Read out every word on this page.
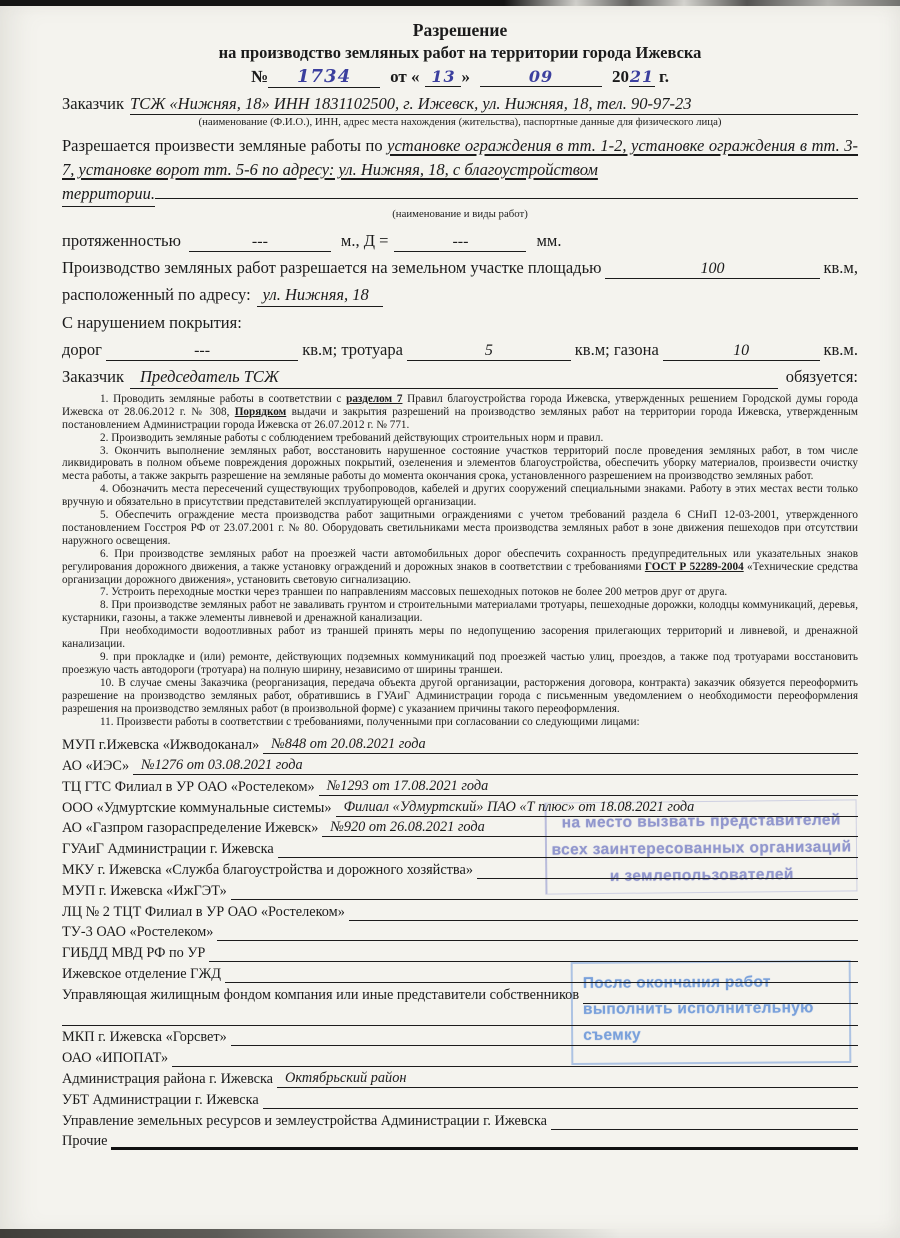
на место вызвать представителей
всех заинтересованных организаций
и землепользователей
После окончания работ
выполнить исполнительную
съемку
Разрешение
на производство земляных работ на территории города Ижевска
№	1734	от « 13 »	09	20 21 г.
Заказчик ТСЖ «Нижняя, 18» ИНН 1831102500, г. Ижевск, ул. Нижняя, 18, тел. 90-97-23
(наименование (Ф.И.О.), ИНН, адрес места нахождения (жительства), паспортные данные для физического лица)
Разрешается произвести земляные работы по установке ограждения в тт. 1-2, установке ограждения в тт. 3-7, установке ворот тт. 5-6 по адресу: ул. Нижняя, 18, с благоустройством
территории.
(наименование и виды работ)
протяженностью	---	м., Д =	---	мм.
Производство земляных работ разрешается на земельном участке площадью	100	кв.м,
расположенный по адресу: ул. Нижняя, 18
С нарушением покрытия:
дорог	---	кв.м; тротуара	5	кв.м; газона	10	кв.м.
Заказчик Председатель ТСЖ	обязуется:

1. Проводить земляные работы в соответствии с разделом 7 Правил благоустройства города Ижевска, утвержденных решением Городской думы города Ижевска от 28.06.2012 г. № 308, Порядком выдачи и закрытия разрешений на производство земляных работ на территории города Ижевска, утвержденным постановлением Администрации города Ижевска от 26.07.2012 г. № 771.

2. Производить земляные работы с соблюдением требований действующих строительных норм и правил.

3. Окончить выполнение земляных работ, восстановить нарушенное состояние участков территорий после проведения земляных работ, в том числе ликвидировать в полном объеме повреждения дорожных покрытий, озеленения и элементов благоустройства, обеспечить уборку материалов, произвести очистку места работы, а также закрыть разрешение на земляные работы до момента окончания срока, установленного разрешением на производство земляных работ.

4. Обозначить места пересечений существующих трубопроводов, кабелей и других сооружений специальными знаками. Работу в этих местах вести только вручную и обязательно в присутствии представителей эксплуатирующей организации.

5. Обеспечить ограждение места производства работ защитными ограждениями с учетом требований раздела 6 СНиП 12-03-2001, утвержденного постановлением Госстроя РФ от 23.07.2001 г. № 80. Оборудовать светильниками места производства земляных работ в зоне движения пешеходов при отсутствии наружного освещения.

6. При производстве земляных работ на проезжей части автомобильных дорог обеспечить сохранность предупредительных или указательных знаков регулирования дорожного движения, а также установку ограждений и дорожных знаков в соответствии с требованиями ГОСТ Р 52289-2004 «Технические средства организации дорожного движения», установить световую сигнализацию.

7. Устроить переходные мостки через траншеи по направлениям массовых пешеходных потоков не более 200 метров друг от друга.

8. При производстве земляных работ не заваливать грунтом и строительными материалами тротуары, пешеходные дорожки, колодцы коммуникаций, деревья, кустарники, газоны, а также элементы ливневой и дренажной канализации.

При необходимости водоотливных работ из траншей принять меры по недопущению засорения прилегающих территорий и ливневой, и дренажной канализации.

9. при прокладке и (или) ремонте, действующих подземных коммуникаций под проезжей частью улиц, проездов, а также под тротуарами восстановить проезжую часть автодороги (тротуара) на полную ширину, независимо от ширины траншеи.

10. В случае смены Заказчика (реорганизация, передача объекта другой организации, расторжения договора, контракта) заказчик обязуется переоформить разрешение на производство земляных работ, обратившись в ГУАиГ Администрации города с письменным уведомлением о необходимости переоформления разрешения на производство земляных работ (в произвольной форме) с указанием причины такого переоформления.

11. Произвести работы в соответствии с требованиями, полученными при согласовании со следующими лицами:

МУП г.Ижевска «Ижводоканал» №848 от 20.08.2021 года
АО «ИЭС» №1276 от 03.08.2021 года
ТЦ ГТС Филиал в УР ОАО «Ростелеком» №1293 от 17.08.2021 года
ООО «Удмуртские коммунальные системы» Филиал «Удмуртский» ПАО «Т плюс» от 18.08.2021 года
АО «Газпром газораспределение Ижевск» №920 от 26.08.2021 года
ГУАиГ Администрации г. Ижевска
МКУ г. Ижевска «Служба благоустройства и дорожного хозяйства»
МУП г. Ижевска «ИжГЭТ»
ЛЦ № 2 ТЦТ Филиал в УР ОАО «Ростелеком»
ТУ-3 ОАО «Ростелеком»
ГИБДД МВД РФ по УР
Ижевское отделение ГЖД
Управляющая жилищным фондом компания или иные представители собственников
МКП г. Ижевска «Горсвет»
ОАО «ИПОПАТ»
Администрация района г. Ижевска Октябрьский район
УБТ Администрации г. Ижевска
Управление земельных ресурсов и землеустройства Администрации г. Ижевска
Прочие
